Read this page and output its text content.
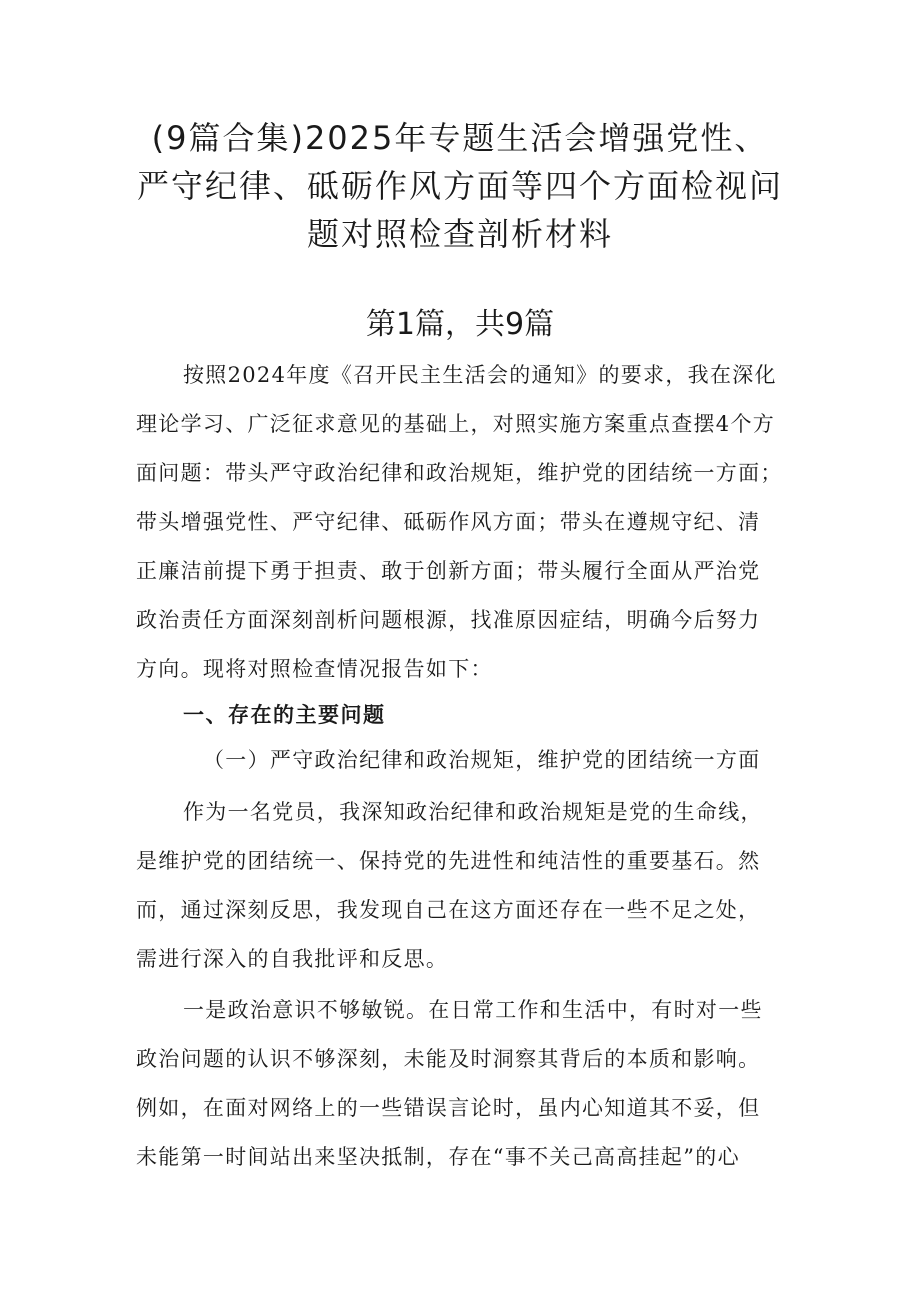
(9篇合集)2025年专题生活会增强党性、
严守纪律、砥砺作风方面等四个方面检视问
题对照检查剖析材料
第1篇，共9篇
按照2024年度《召开民主生活会的通知》的要求，我在深化
理论学习、广泛征求意见的基础上，对照实施方案重点查摆4个方
面问题：带头严守政治纪律和政治规矩，维护党的团结统一方面；
带头增强党性、严守纪律、砥砺作风方面；带头在遵规守纪、清
正廉洁前提下勇于担责、敢于创新方面；带头履行全面从严治党
政治责任方面深刻剖析问题根源，找准原因症结，明确今后努力
方向。现将对照检查情况报告如下：
一、存在的主要问题
（一）严守政治纪律和政治规矩，维护党的团结统一方面
作为一名党员，我深知政治纪律和政治规矩是党的生命线，
是维护党的团结统一、保持党的先进性和纯洁性的重要基石。然
而，通过深刻反思，我发现自己在这方面还存在一些不足之处，
需进行深入的自我批评和反思。
一是政治意识不够敏锐。在日常工作和生活中，有时对一些
政治问题的认识不够深刻，未能及时洞察其背后的本质和影响。
例如，在面对网络上的一些错误言论时，虽内心知道其不妥，但
未能第一时间站出来坚决抵制，存在“事不关己高高挂起”的心
